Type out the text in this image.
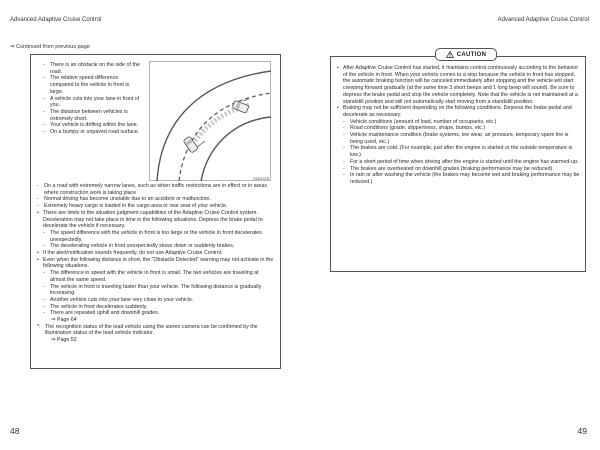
Advanced Adaptive Cruise Control
⇒ Continued from previous page
- There is an obstacle on the side of the road.
- The relative speed difference compared to the vehicle in front is large.
- A vehicle cuts into your lane in front of you.
- The distance between vehicles is extremely short.
- Your vehicle is drifting within the lane.
- On a bumpy or unpaved road surface.
S0D1978
- On a road with extremely narrow lanes, such as when traffic restrictions are in effect or in areas where construction work is taking place
- Normal driving has become unstable due to an accident or malfunction.
- Extremely heavy cargo is loaded in the cargo area or rear seat of your vehicle.
• There are limits to the situation judgment capabilities of the Adaptive Cruise Control system. Deceleration may not take place in time in the following situations. Depress the brake pedal to decelerate the vehicle if necessary.
- The speed difference with the vehicle in front is too large or the vehicle in front decelerates unexpectedly.
- The decelerating vehicle in front unexpectedly slows down or suddenly brakes.
• If the alert/notification sounds frequently, do not use Adaptive Cruise Control.
• Even when the following distance is short, the “Obstacle Detected” warning may not activate in the following situations.
- The difference in speed with the vehicle in front is small. The two vehicles are traveling at almost the same speed.
- The vehicle in front is traveling faster than your vehicle. The following distance is gradually increasing.
- Another vehicle cuts into your lane very close to your vehicle.
- The vehicle in front decelerates suddenly.
- There are repeated uphill and downhill grades.
⇒ Page 64
*: The recognition status of the lead vehicle using the stereo camera can be confirmed by the illumination status of the lead vehicle indicator.
⇒ Page 52
48
Advanced Adaptive Cruise Control
CAUTION
• After Adaptive Cruise Control has started, it maintains control continuously according to the behavior of the vehicle in front. When your vehicle comes to a stop because the vehicle in front has stopped, the automatic braking function will be canceled immediately after stopping and the vehicle will start creeping forward gradually (at the same time 3 short beeps and 1 long beep will sound). Be sure to depress the brake pedal and stop the vehicle completely. Note that the vehicle is not maintained at a standstill position and will not automatically start moving from a standstill position.
• Braking may not be sufficient depending on the following conditions. Depress the brake pedal and decelerate as necessary.
- Vehicle conditions (amount of load, number of occupants, etc.)
- Road conditions (grade, slipperiness, shape, bumps, etc.)
- Vehicle maintenance condition (brake systems, tire wear, air pressure, temporary spare tire is being used, etc.)
- The brakes are cold. (For example, just after the engine is started or the outside temperature is low.)
- For a short period of time when driving after the engine is started until the engine has warmed-up.
- The brakes are overheated on downhill grades (braking performance may be reduced).
- In rain or after washing the vehicle (the brakes may become wet and braking performance may be reduced.)
49
